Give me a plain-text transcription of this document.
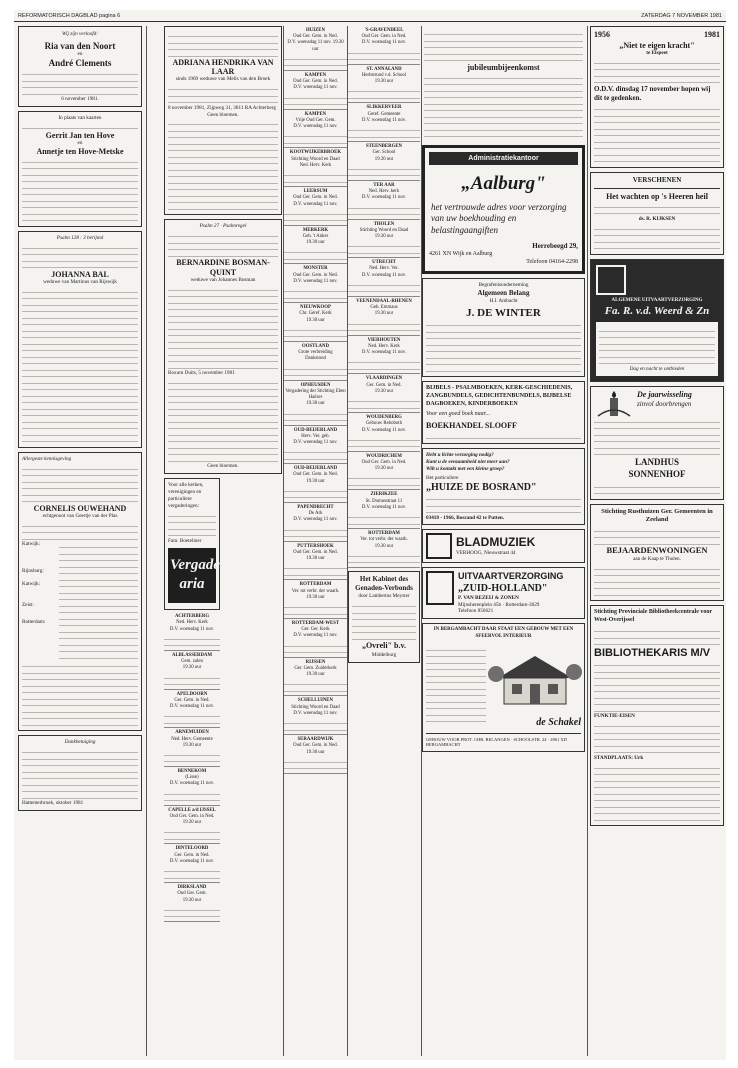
REFORMATORISCH DAGBLAD pagina 6	ZATERDAG 7 NOVEMBER 1981
Wij zijn verloofd:
Ria van den Noort
en
André Clements
6 november 1981.
In plaats van kaarten
Gerrit Jan ten Hove
en
Annetje ten Hove-Metske
Psalm 128 : 3 berijmd
JOHANNA BAL
weduwe van Martinus van Rijswijk
Allergeste kennisgeving
CORNELIS OUWEHAND
echtgenoot van Geertje van der Plas
Katwijk:
Rijnsburg:
Katwijk:
Zeist:
Rotterdam:
Dankbetuiging
Hattemerbroek, oktober 1981
ADRIANA HENDRIKA VAN LAAR
sinds 1969 weduwe van Melis van den Broek
8 november 1981, Zijpweg 31, 3811 RA Achterberg
Geen bloemen.
Psalm 27 · Psalmregel
BERNARDINE BOSMAN-QUINT
weduwe van Johannes Bosman
Boxum Duits, 5 november 1981
Geen bloemen.
Voor alle kerken, verenigingen en particuliere vergaderingen:
Fam. Boeteliner
Vergader aria
ACHTERBERG
Ned. Herv. Kerk
D.V. woensdag 11 nov.
ALBLASSERDAM
Gem. zalen
19.30 uur
APELDOORN
Ger. Gem. in Ned.
D.V. woensdag 11 nov.
ARNEMUIDEN
Ned. Herv. Gemeente
19.30 uur
BENNEKOM
(Lisse)
D.V. woensdag 11 nov.
CAPELLE a/d IJSSEL
Oud Ger. Gem. in Ned.
19.30 uur
DINTELOORD
Ger. Gem. in Ned.
D.V. woensdag 11 nov.
DIRKSLAND
Oud Ger. Gem.
19.30 uur
HUIZEN
Oud Ger. Gem. in Ned.
D.V. woensdag 11 nov. 19.30 uur
KAMPEN
Oud Ger. Gem. in Ned.
D.V. woensdag 11 nov.
KAMPEN
Vrije Oud Ger. Gem.
D.V. woensdag 11 nov.
KOOTWIJKERBROEK
Stichting Woord en Daad
Ned. Herv. Kerk
LEERSUM
Oud Ger. Gem. in Ned.
D.V. woensdag 11 nov.
MERKERK
Geb. 't Anker
19.30 uur
MONSTER
Oud Ger. Gem. in Ned.
D.V. woensdag 11 nov.
NIEUWKOOP
Chr. Geref. Kerk
19.30 uur
OOSTLAND
Grote verbreiding
Dankstond
OPHEUSDEN
Vergadering der Stichting Eben Haëzer
19.30 uur
OUD-BEIJERLAND
Herv. Ver. geb.
D.V. woensdag 11 nov.
OUD-BEIJERLAND
Oud Ger. Gem. in Ned.
19.30 uur
PAPENDRECHT
De Ark
D.V. woensdag 11 nov.
PUTTERSHOEK
Oud Ger. Gem. in Ned.
19.30 uur
ROTTERDAM
Ver. tot verbr. der waarh.
19.30 uur
ROTTERDAM-WEST
Ger. Ger. Kerk
D.V. woensdag 11 nov.
RIJSSEN
Ger. Gem. Zuiderkerk
19.30 uur
SCHELLUINEN
Stichting Woord en Daad
D.V. woensdag 11 nov.
SERAARDWIJK
Oud Ger. Gem. in Ned.
19.30 uur
'S-GRAVENDEEL
Oud Ger. Gem. in Ned.
D.V. woensdag 11 nov.
ST. ANNALAND
Herbstrund v.d. School
19.30 uur
SLIKKERVEER
Geref. Gemeente
D.V. woensdag 11 nov.
STEENBERGEN
Ger. School
19.30 uur
TER AAR
Ned. Herv. kerk
D.V. woensdag 11 nov.
THOLEN
Stichting Woord en Daad
19.30 uur
UTRECHT
Ned. Herv. Ver.
D.V. woensdag 11 nov.
VEENENDAAL-RHENEN
Geb. Emmaus
19.30 uur
VIERHOUTEN
Ned. Herv. Kerk
D.V. woensdag 11 nov.
VLAARDINGEN
Ger. Gem. in Ned.
19.30 uur
WOUDENBERG
Gebouw Rehoboth
D.V. woensdag 11 nov.
WOUDRICHEM
Oud Ger. Gem. in Ned.
19.30 uur
ZIERIKZEE
St. Domusstraat 11
D.V. woensdag 11 nov.
ROTTERDAM
Ver. tot verbr. der waarh.
19.30 uur
Het Kabinet des Genaden-Verbonds
door Lambertus Meyster
„Ovreli" b.v.
Middelburg
jubileumbijeenkomst
Administratiekantoor
„Aalburg"
het vertrouwde adres voor verzorging van uw boekhouding en belastingaangiften
Herrebeegd 29,
4261 XN Wijk en Aalburg
Telefoon 04164-2298
Begrafenisonderneming
Algemeen Belang
H.I. Ambacht
J. DE WINTER
BIJBELS - PSALMBOEKEN, KERK-GESCHIEDENIS, ZANGBUNDELS, GEDICHTENBUNDELS, BIJBELSE DAGBOEKEN, KINDERBOEKEN
Voor een goed boek naar...
BOEKHANDEL SLOOFF
Hebt u lichte verzorging nodig?
Kunt u de eenzaamheid niet meer aan?
Wilt u kontakt met een kleine groep?
Het particuliere
„HUIZE DE BOSRAND"
03418 - 1966, Bosrand 42 te Putten.
BLADMUZIEK
VERHOOG, Nieuwstraat 44
UITVAARTVERZORGING
„ZUID-HOLLAND"
P. VAN BEZEIJ & ZONEN
Mijnsherenplein 45b · Rotterdam-3029
Telefoon 856621
IN BERGAMBACHT DAAR STAAT EEN GEBOUW MET EEN SFEERVOL INTERIEUR
de Schakel
GEBOUW VOOR PROT. CHR. BELANGEN · SCHOOLSTR. 24 · 2861 XD BERGAMBACHT
1956	1981
„Niet te eigen kracht"
te Elspeet
O.D.V. dinsdag 17 november hopen wij dit te gedenken.
VERSCHENEN
Het wachten op 's Heeren heil
ds. R. KIJKSEN
ALGEMENE UITVAARTVERZORGING
Fa. R. v.d. Weerd & Zn
Dag en nacht te ontbieden
De jaarwisseling
zinvol doorbrengen
LANDHUS
SONNENHOF
Stichting Rusthuizen Ger. Gemeenten in Zeeland
BEJAARDENWONINGEN
aan de Kaap te Tholen.
Stichting Provinciale Bibliotheekcentrale voor West-Overijssel
BIBLIOTHEKARIS M/V
FUNKTIE-EISEN
STANDPLAATS: Urk
